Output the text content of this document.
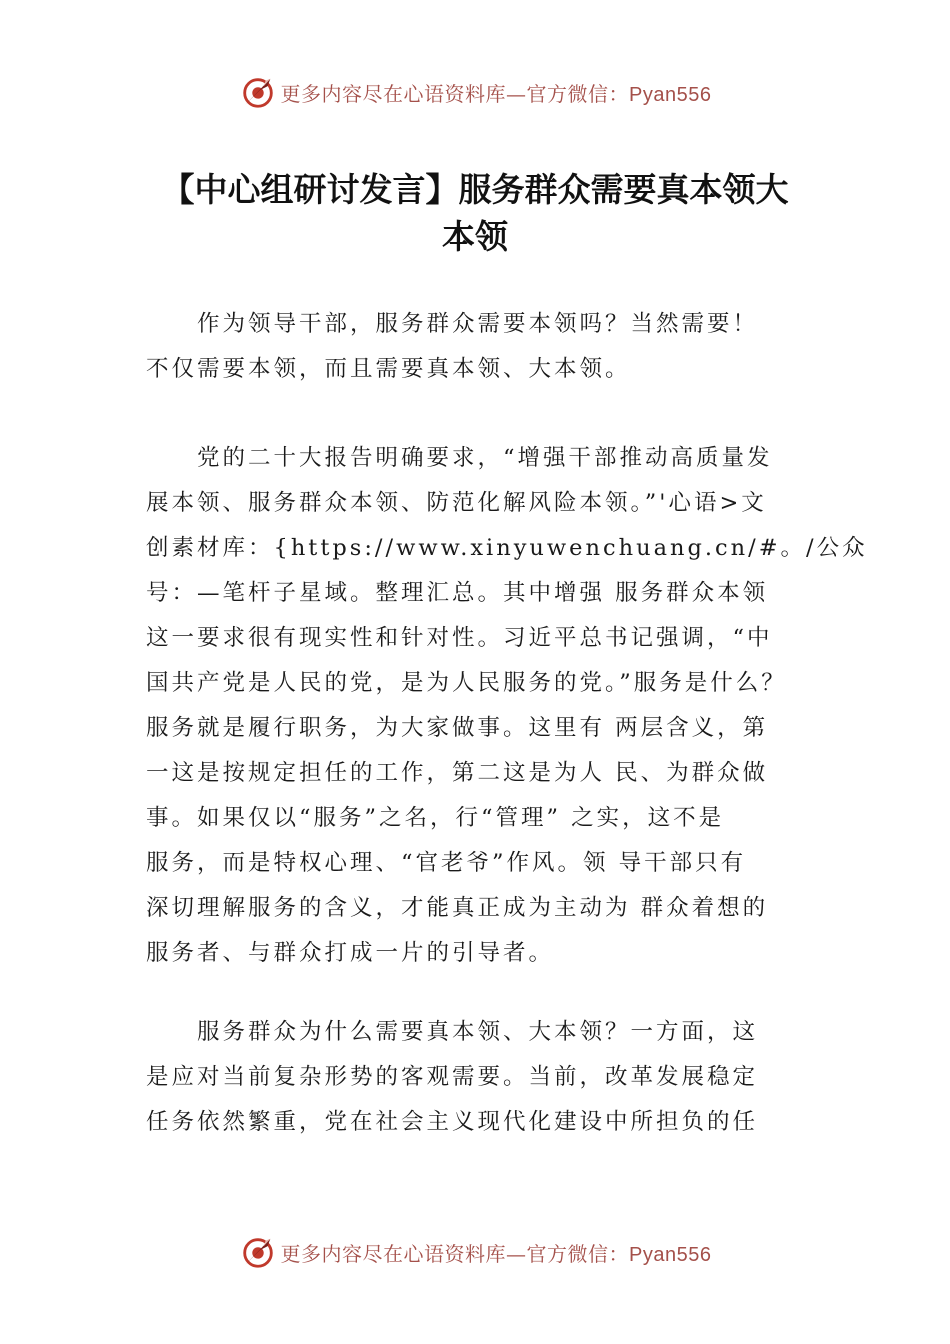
更多内容尽在心语资料库—官方微信：Pyan556
【中心组研讨发言】服务群众需要真本领大
本领
　　作为领导干部，服务群众需要本领吗？当然需要！
不仅需要本领，而且需要真本领、大本领。
　　党的二十大报告明确要求，“增强干部推动高质量发
展本领、服务群众本领、防范化解风险本领。”'心语>文
创素材库：{https://www.xinyuwenchuang.cn/#。/公众
号：—笔杆子星域。整理汇总。其中增强 服务群众本领
这一要求很有现实性和针对性。习近平总书记强调，“中
国共产党是人民的党，是为人民服务的党。”服务是什么？
服务就是履行职务，为大家做事。这里有 两层含义，第
一这是按规定担任的工作，第二这是为人 民、为群众做
事。如果仅以“服务”之名，行“管理” 之实，这不是
服务，而是特权心理、“官老爷”作风。领 导干部只有
深切理解服务的含义，才能真正成为主动为 群众着想的
服务者、与群众打成一片的引导者。
　　服务群众为什么需要真本领、大本领？一方面，这
是应对当前复杂形势的客观需要。当前，改革发展稳定
任务依然繁重，党在社会主义现代化建设中所担负的任
更多内容尽在心语资料库—官方微信：Pyan556
